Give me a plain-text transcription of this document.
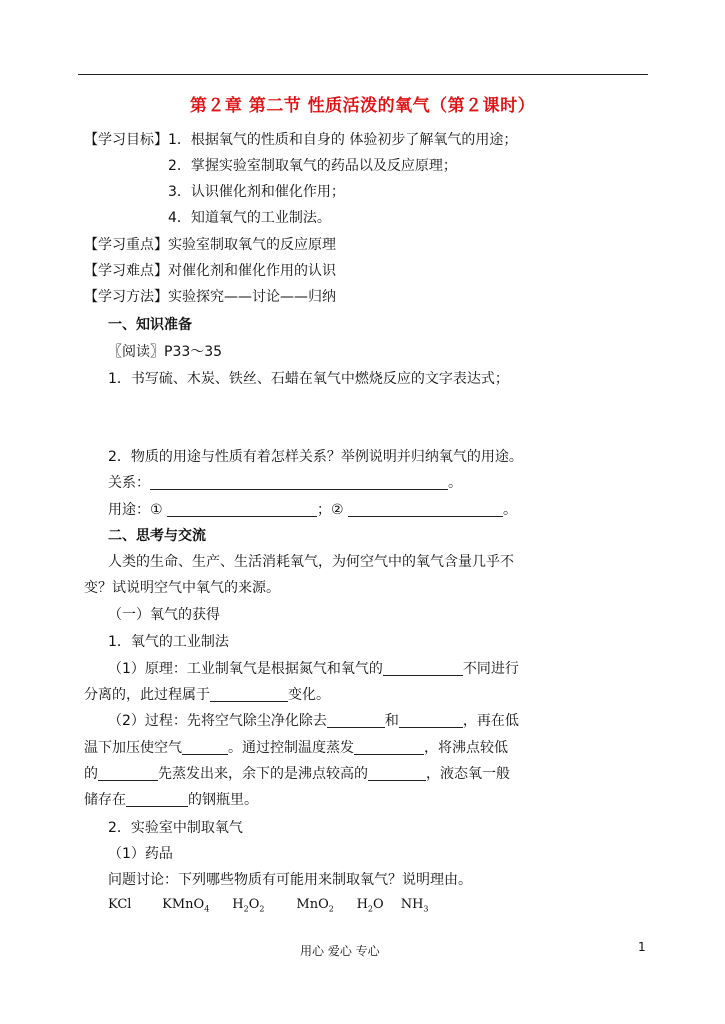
第２章 第二节 性质活泼的氧气（第２课时）
【学习目标】1．根据氧气的性质和自身的 体验初步了解氧气的用途；
2．掌握实验室制取氧气的药品以及反应原理；
3．认识催化剂和催化作用；
4．知道氧气的工业制法。
【学习重点】实验室制取氧气的反应原理
【学习难点】对催化剂和催化作用的认识
【学习方法】实验探究——讨论——归纳
一、知识准备
〖阅读〗P33～35
1．书写硫、木炭、铁丝、石蜡在氧气中燃烧反应的文字表达式；
2．物质的用途与性质有着怎样关系？举例说明并归纳氧气的用途。
关系：	。
用途：①	；②	。
二、思考与交流
人类的生命、生产、生活消耗氧气，为何空气中的氧气含量几乎不
变？试说明空气中氧气的来源。
（一）氧气的获得
1．氧气的工业制法
（1）原理：工业制氧气是根据氮气和氧气的	不同进行
分离的，此过程属于	变化。
（2）过程：先将空气除尘净化除去	和	，再在低
温下加压使空气	。通过控制温度蒸发	，将沸点较低
的	先蒸发出来，余下的是沸点较高的	，液态氧一般
储存在	的钢瓶里。
2．实验室中制取氧气
（1）药品
问题讨论：下列哪些物质有可能用来制取氧气？说明理由。
KCl KMnO$_4$ $H_2O_2$ MnO$_2$ $H_2O$ $NH_3$
用心 爱心 专心	1
